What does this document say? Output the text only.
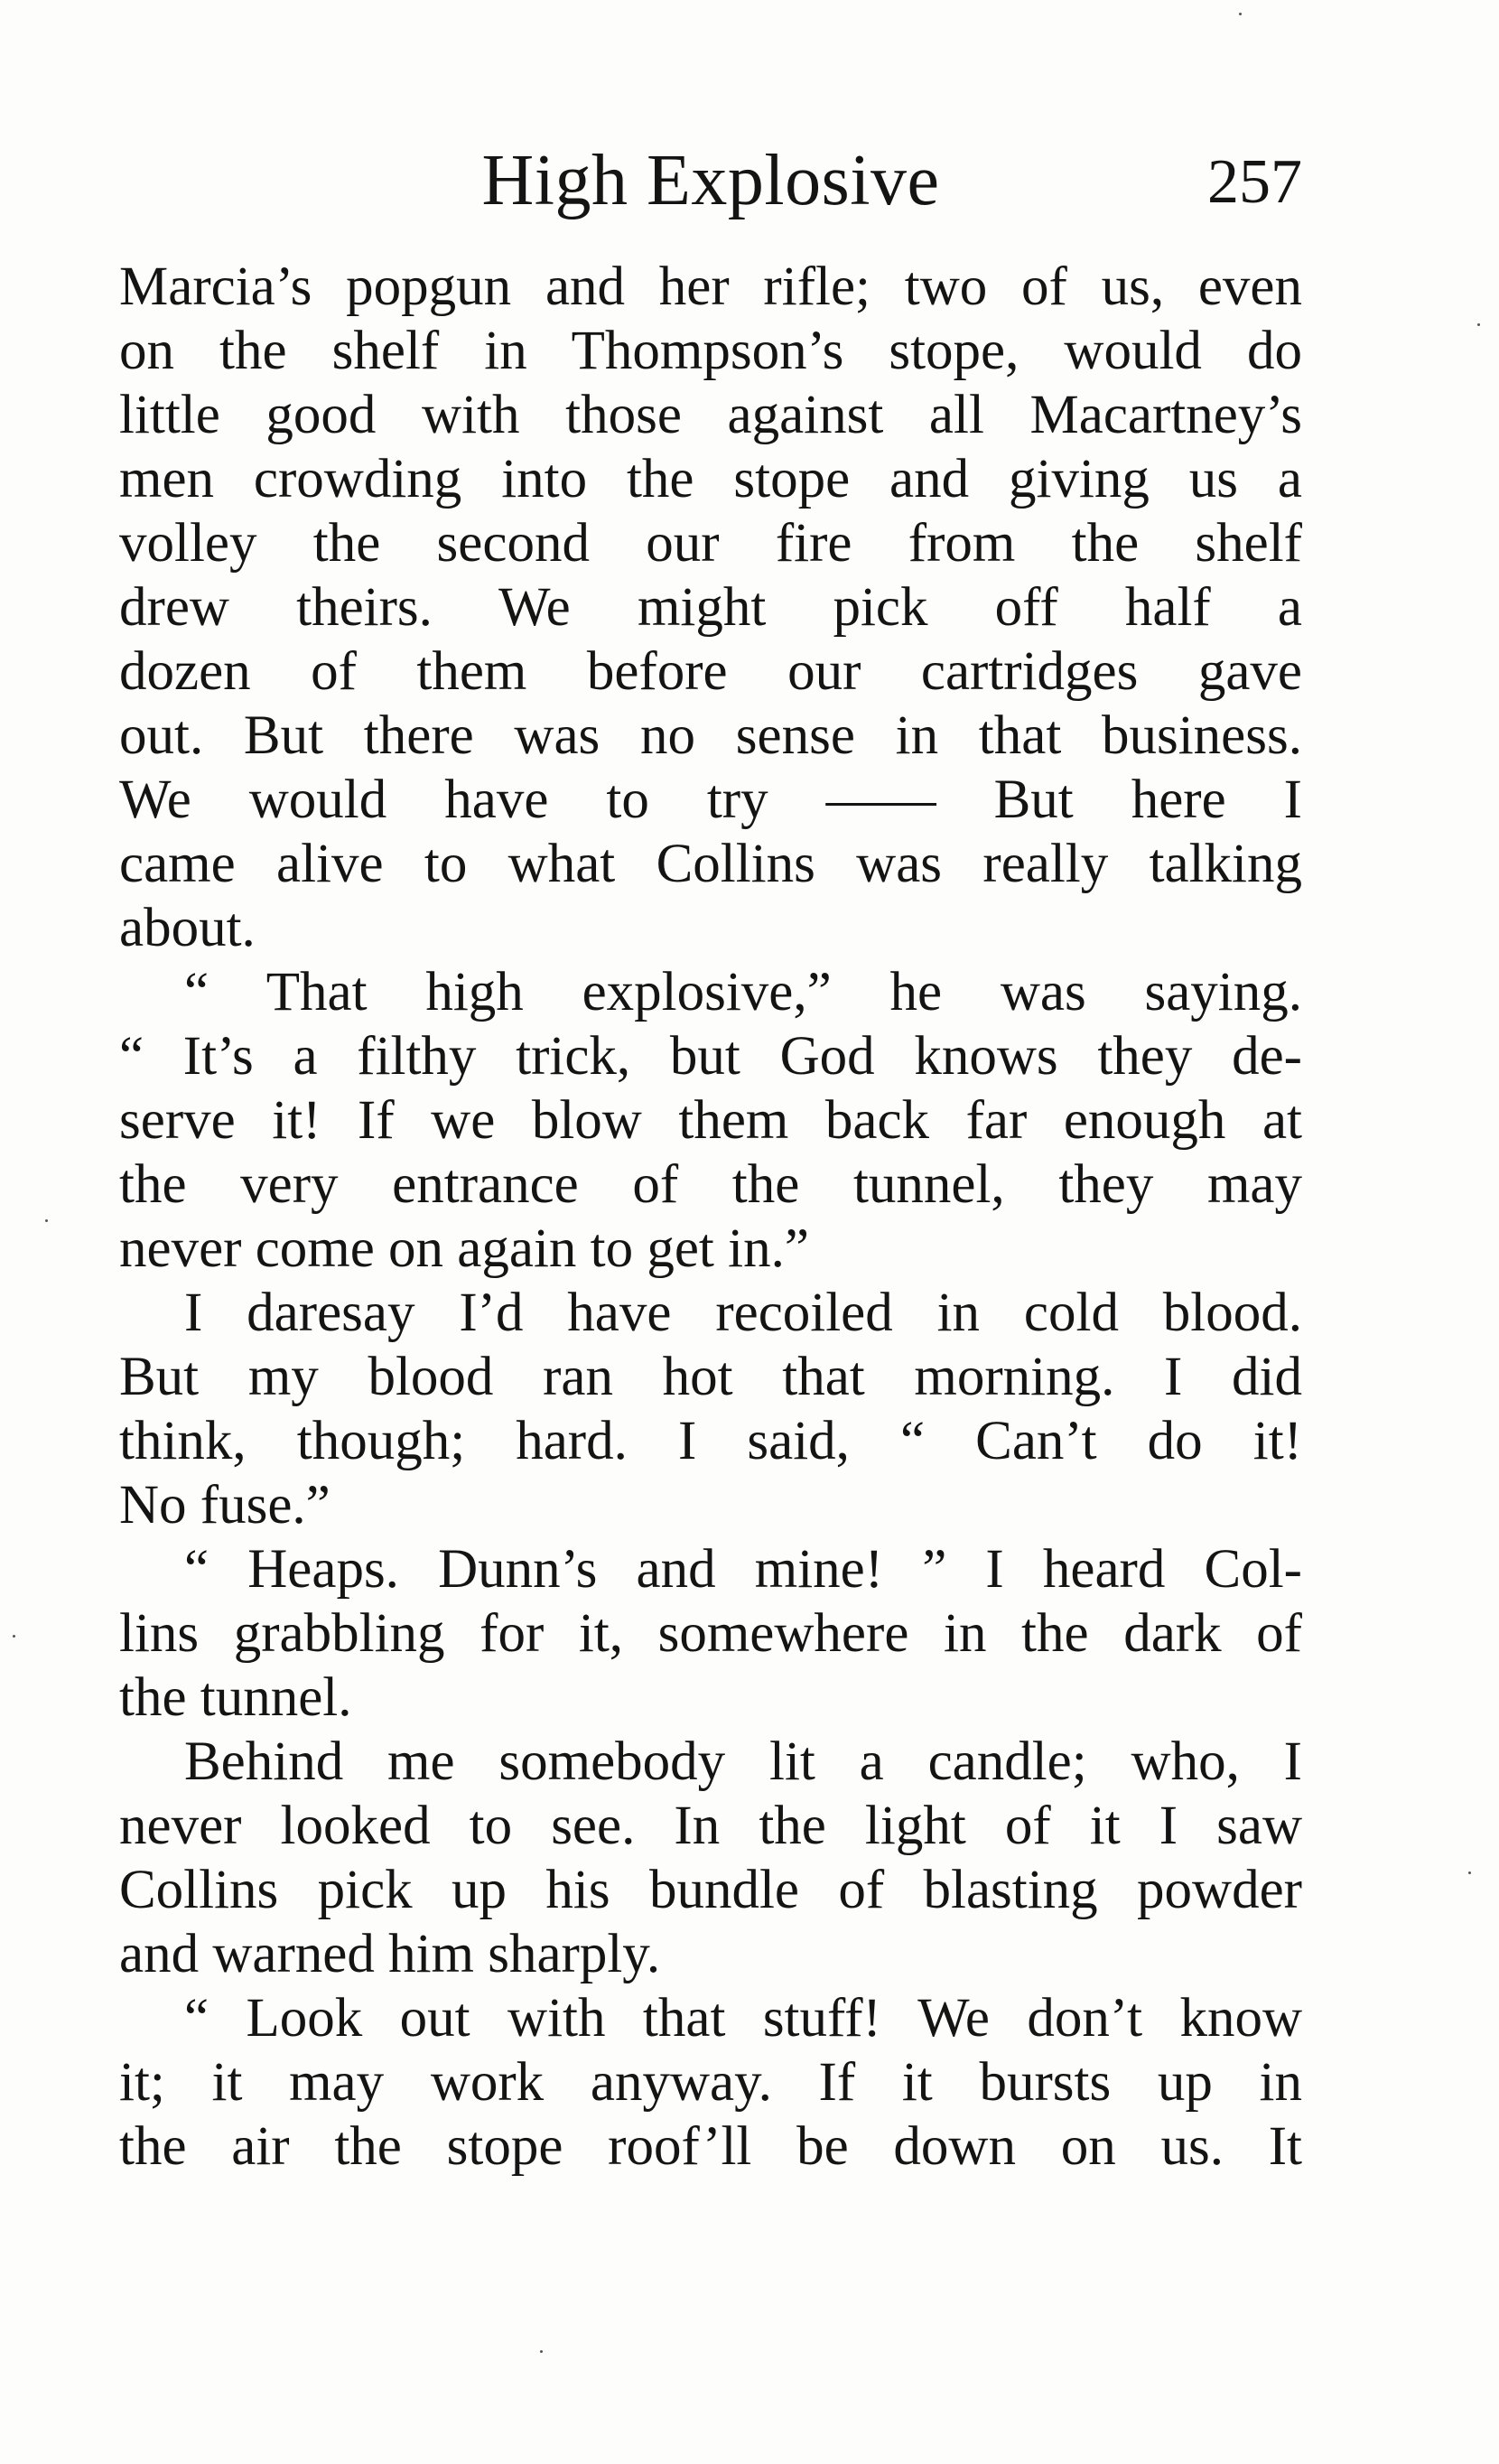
High Explosive	257
Marcia’s popgun and her rifle; two of us, even
on the shelf in Thompson’s stope, would do
little good with those against all Macartney’s
men crowding into the stope and giving us a
volley the second our fire from the shelf
drew theirs. We might pick off half a
dozen of them before our cartridges gave
out. But there was no sense in that business.
We would have to try —— But here I
came alive to what Collins was really talking
about.
“ That high explosive,” he was saying.
“ It’s a filthy trick, but God knows they de-
serve it! If we blow them back far enough at
the very entrance of the tunnel, they may
never come on again to get in.”
I daresay I’d have recoiled in cold blood.
But my blood ran hot that morning. I did
think, though; hard. I said, “ Can’t do it!
No fuse.”
“ Heaps. Dunn’s and mine! ” I heard Col-
lins grabbling for it, somewhere in the dark of
the tunnel.
Behind me somebody lit a candle; who, I
never looked to see. In the light of it I saw
Collins pick up his bundle of blasting powder
and warned him sharply.
“ Look out with that stuff! We don’t know
it; it may work anyway. If it bursts up in
the air the stope roof’ll be down on us. It
